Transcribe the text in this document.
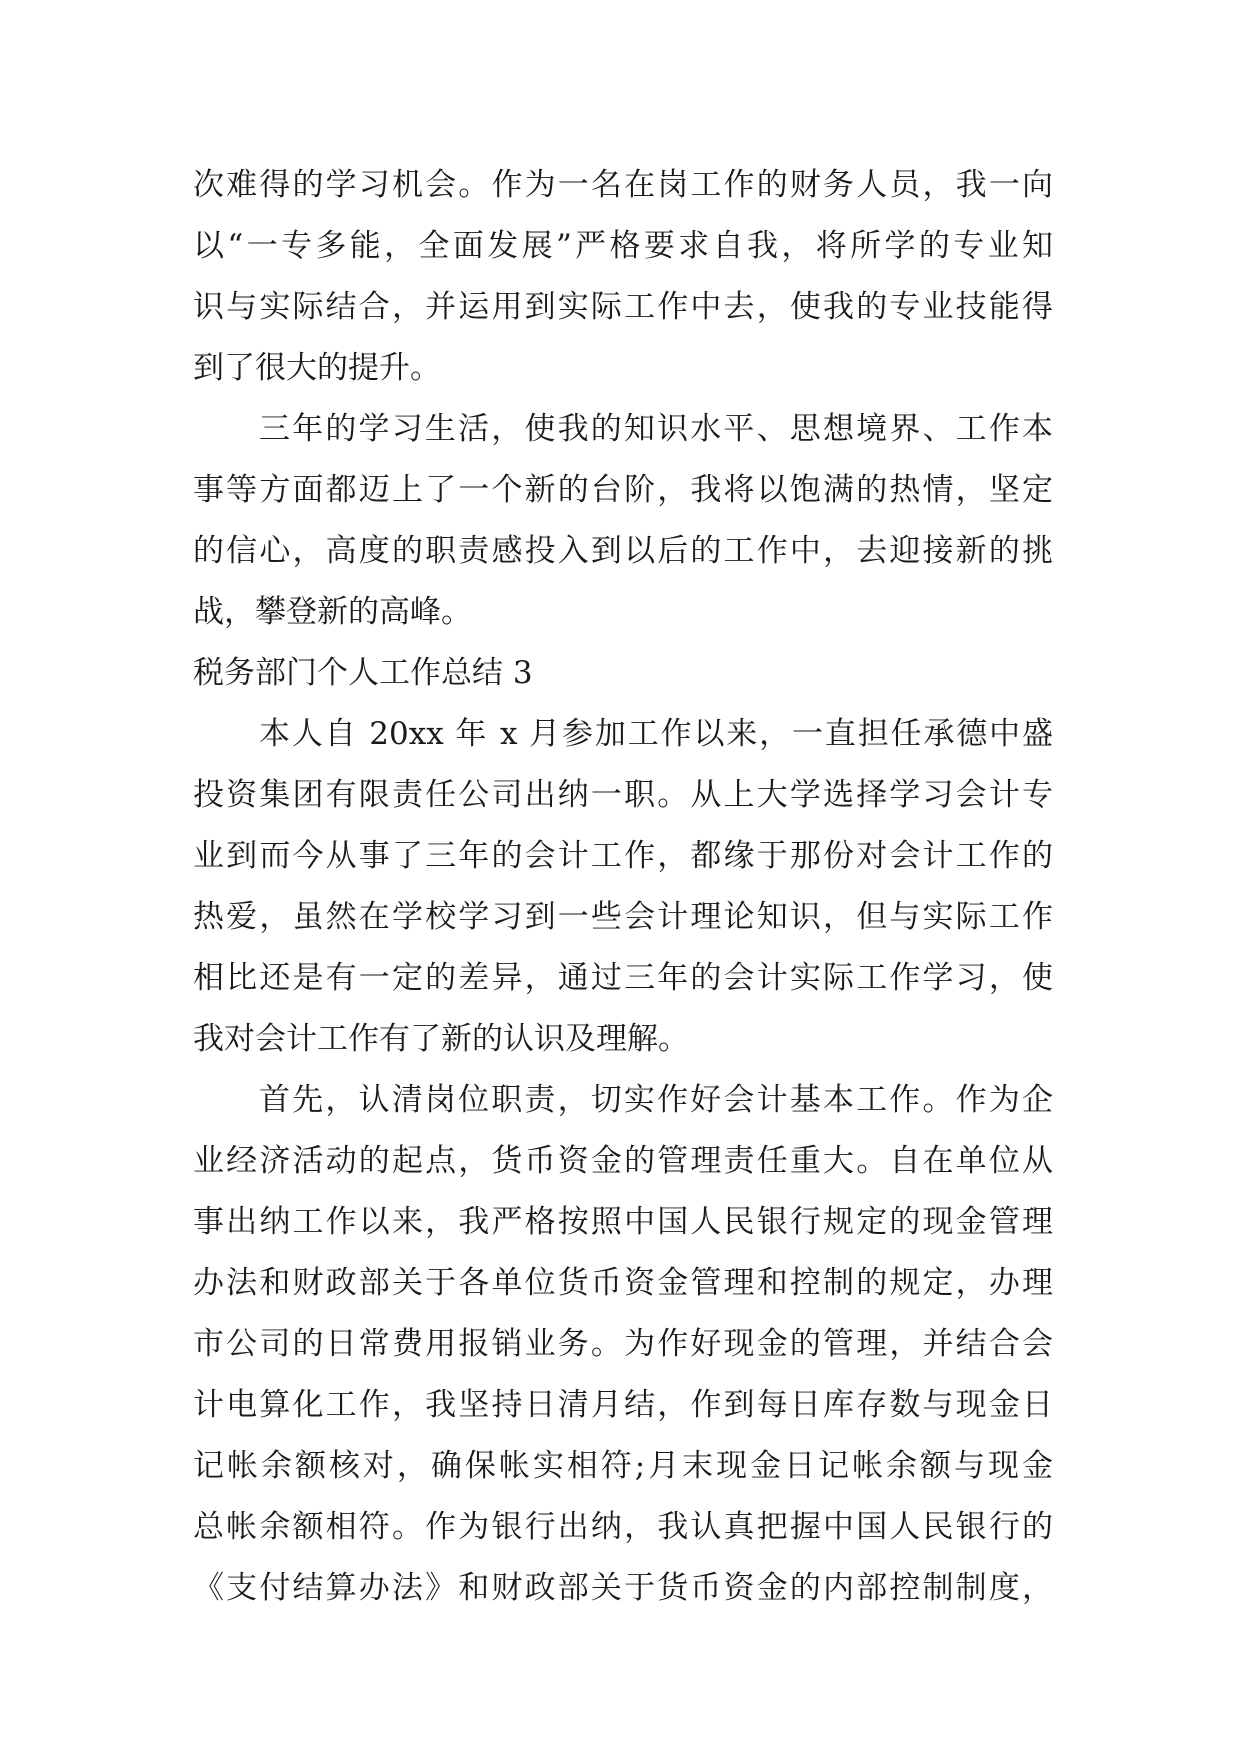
次难得的学习机会。作为一名在岗工作的财务人员，我一向
以“一专多能，全面发展”严格要求自我，将所学的专业知
识与实际结合，并运用到实际工作中去，使我的专业技能得
到了很大的提升。
三年的学习生活，使我的知识水平、思想境界、工作本
事等方面都迈上了一个新的台阶，我将以饱满的热情，坚定
的信心，高度的职责感投入到以后的工作中，去迎接新的挑
战，攀登新的高峰。
税务部门个人工作总结 3
本人自 20xx 年 x 月参加工作以来，一直担任承德中盛
投资集团有限责任公司出纳一职。从上大学选择学习会计专
业到而今从事了三年的会计工作，都缘于那份对会计工作的
热爱，虽然在学校学习到一些会计理论知识，但与实际工作
相比还是有一定的差异，通过三年的会计实际工作学习，使
我对会计工作有了新的认识及理解。
首先，认清岗位职责，切实作好会计基本工作。作为企
业经济活动的起点，货币资金的管理责任重大。自在单位从
事出纳工作以来，我严格按照中国人民银行规定的现金管理
办法和财政部关于各单位货币资金管理和控制的规定，办理
市公司的日常费用报销业务。为作好现金的管理，并结合会
计电算化工作，我坚持日清月结，作到每日库存数与现金日
记帐余额核对，确保帐实相符;月末现金日记帐余额与现金
总帐余额相符。作为银行出纳，我认真把握中国人民银行的
《支付结算办法》和财政部关于货币资金的内部控制制度，
